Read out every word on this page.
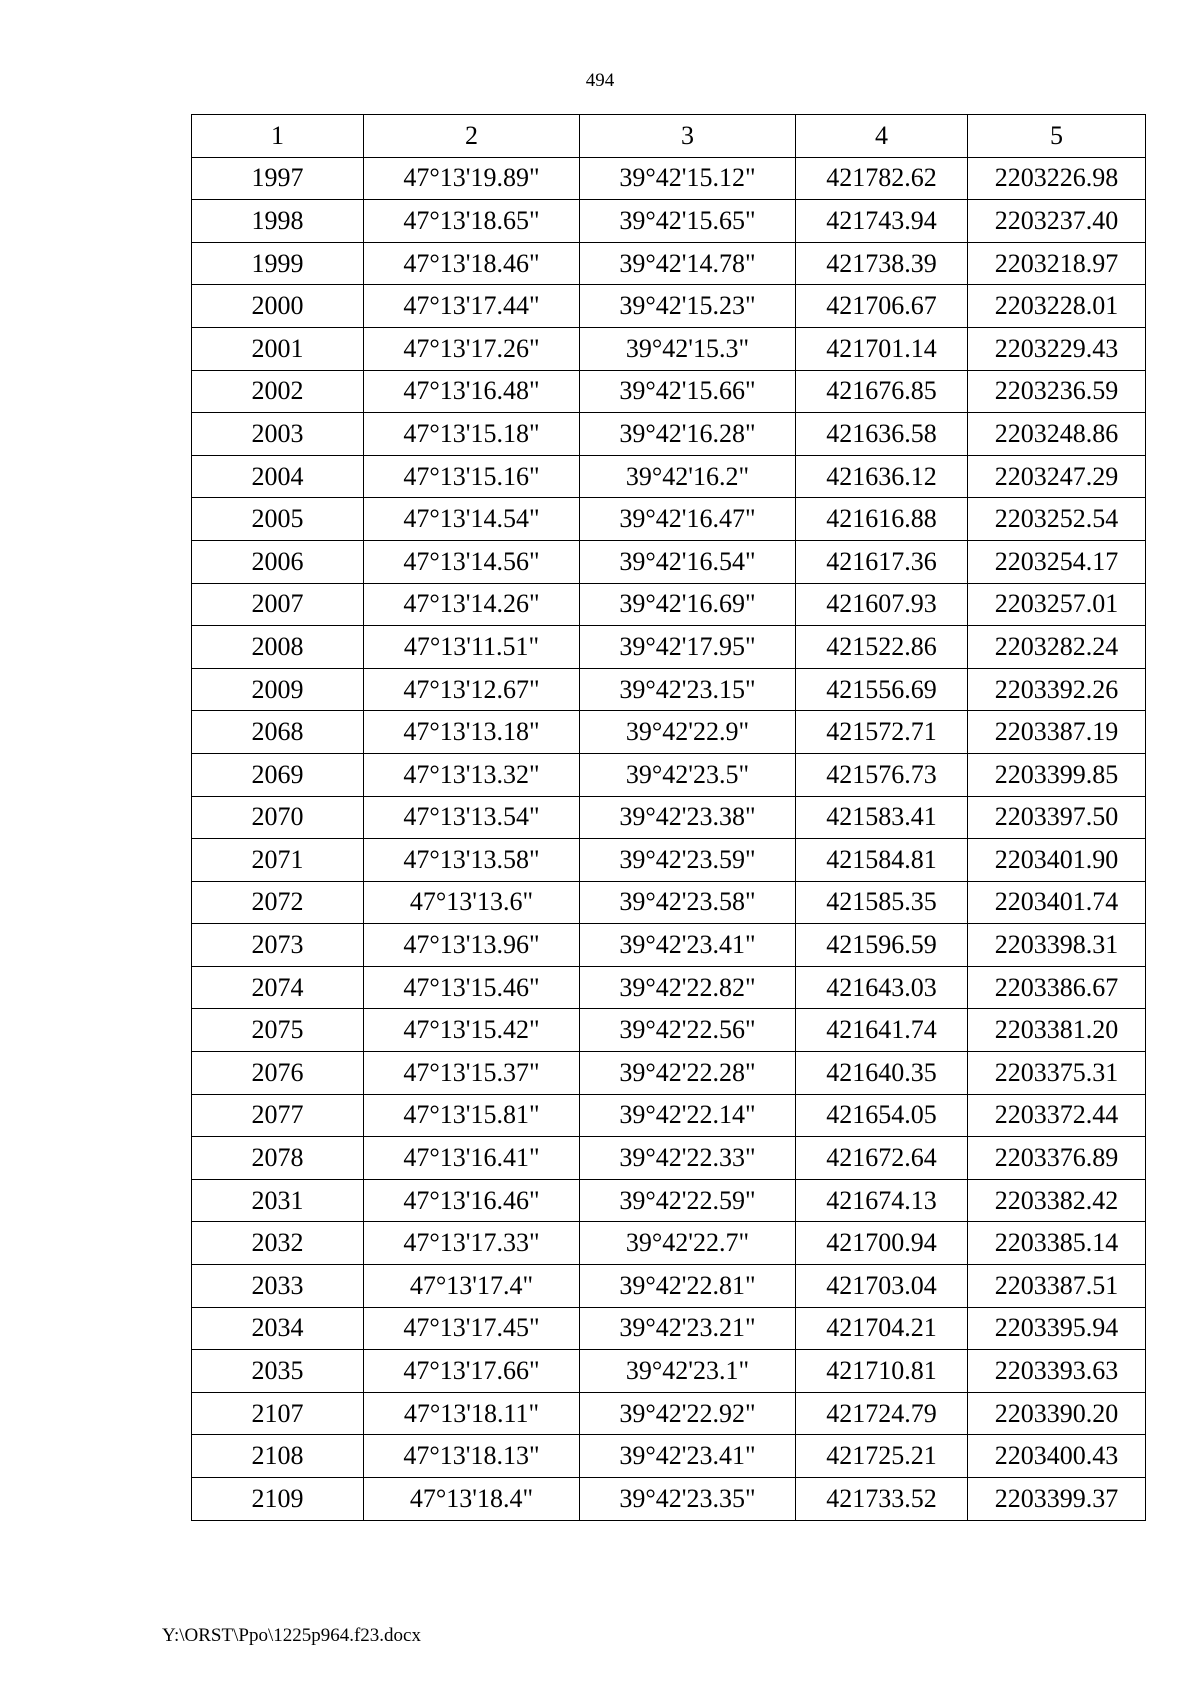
494
1	2	3	4	5
1997	47°13'19.89"	39°42'15.12"	421782.62	2203226.98
1998	47°13'18.65"	39°42'15.65"	421743.94	2203237.40
1999	47°13'18.46"	39°42'14.78"	421738.39	2203218.97
2000	47°13'17.44"	39°42'15.23"	421706.67	2203228.01
2001	47°13'17.26"	39°42'15.3"	421701.14	2203229.43
2002	47°13'16.48"	39°42'15.66"	421676.85	2203236.59
2003	47°13'15.18"	39°42'16.28"	421636.58	2203248.86
2004	47°13'15.16"	39°42'16.2"	421636.12	2203247.29
2005	47°13'14.54"	39°42'16.47"	421616.88	2203252.54
2006	47°13'14.56"	39°42'16.54"	421617.36	2203254.17
2007	47°13'14.26"	39°42'16.69"	421607.93	2203257.01
2008	47°13'11.51"	39°42'17.95"	421522.86	2203282.24
2009	47°13'12.67"	39°42'23.15"	421556.69	2203392.26
2068	47°13'13.18"	39°42'22.9"	421572.71	2203387.19
2069	47°13'13.32"	39°42'23.5"	421576.73	2203399.85
2070	47°13'13.54"	39°42'23.38"	421583.41	2203397.50
2071	47°13'13.58"	39°42'23.59"	421584.81	2203401.90
2072	47°13'13.6"	39°42'23.58"	421585.35	2203401.74
2073	47°13'13.96"	39°42'23.41"	421596.59	2203398.31
2074	47°13'15.46"	39°42'22.82"	421643.03	2203386.67
2075	47°13'15.42"	39°42'22.56"	421641.74	2203381.20
2076	47°13'15.37"	39°42'22.28"	421640.35	2203375.31
2077	47°13'15.81"	39°42'22.14"	421654.05	2203372.44
2078	47°13'16.41"	39°42'22.33"	421672.64	2203376.89
2031	47°13'16.46"	39°42'22.59"	421674.13	2203382.42
2032	47°13'17.33"	39°42'22.7"	421700.94	2203385.14
2033	47°13'17.4"	39°42'22.81"	421703.04	2203387.51
2034	47°13'17.45"	39°42'23.21"	421704.21	2203395.94
2035	47°13'17.66"	39°42'23.1"	421710.81	2203393.63
2107	47°13'18.11"	39°42'22.92"	421724.79	2203390.20
2108	47°13'18.13"	39°42'23.41"	421725.21	2203400.43
2109	47°13'18.4"	39°42'23.35"	421733.52	2203399.37
Y:\ORST\Ppo\1225p964.f23.docx
